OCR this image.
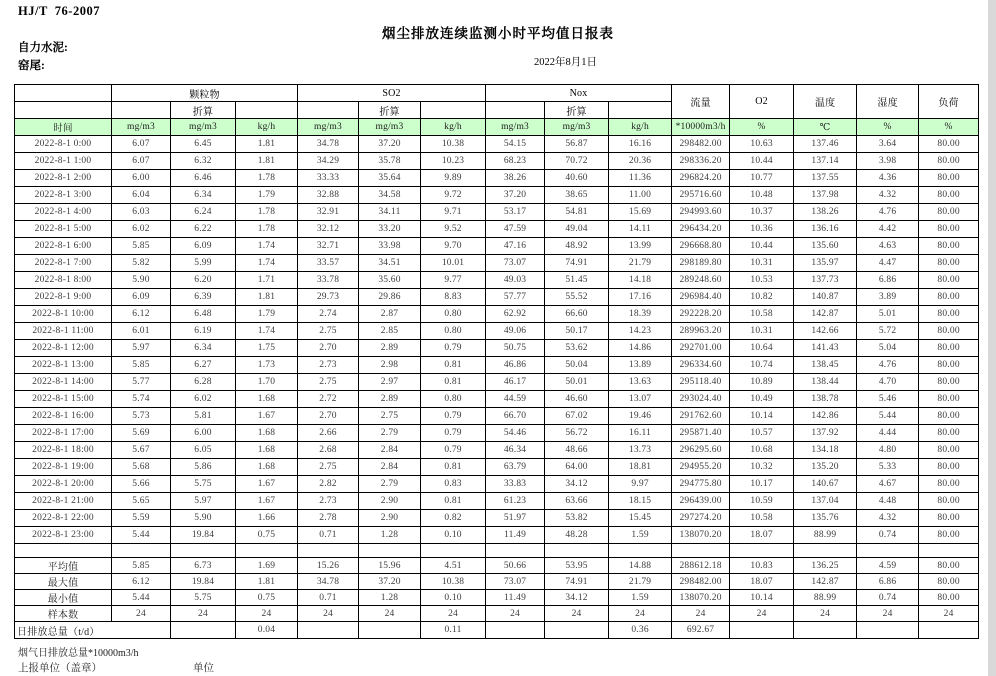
HJ/T  76-2007
烟尘排放连续监测小时平均值日报表
自力水泥:
窑尾:	2022年8月1日
	颗粒物			SO2			Nox			流量	O2	温度	湿度	负荷
		折算			折算			折算						
时间	mg/m3	mg/m3	kg/h	mg/m3	mg/m3	kg/h	mg/m3	mg/m3	kg/h	*10000m3/h	%	℃	%	%
2022-8-1 0:00	6.07	6.45	1.81	34.78	37.20	10.38	54.15	56.87	16.16	298482.00	10.63	137.46	3.64	80.00
2022-8-1 1:00	6.07	6.32	1.81	34.29	35.78	10.23	68.23	70.72	20.36	298336.20	10.44	137.14	3.98	80.00
2022-8-1 2:00	6.00	6.46	1.78	33.33	35.64	9.89	38.26	40.60	11.36	296824.20	10.77	137.55	4.36	80.00
2022-8-1 3:00	6.04	6.34	1.79	32.88	34.58	9.72	37.20	38.65	11.00	295716.60	10.48	137.98	4.32	80.00
2022-8-1 4:00	6.03	6.24	1.78	32.91	34.11	9.71	53.17	54.81	15.69	294993.60	10.37	138.26	4.76	80.00
2022-8-1 5:00	6.02	6.22	1.78	32.12	33.20	9.52	47.59	49.04	14.11	296434.20	10.36	136.16	4.42	80.00
2022-8-1 6:00	5.85	6.09	1.74	32.71	33.98	9.70	47.16	48.92	13.99	296668.80	10.44	135.60	4.63	80.00
2022-8-1 7:00	5.82	5.99	1.74	33.57	34.51	10.01	73.07	74.91	21.79	298189.80	10.31	135.97	4.47	80.00
2022-8-1 8:00	5.90	6.20	1.71	33.78	35.60	9.77	49.03	51.45	14.18	289248.60	10.53	137.73	6.86	80.00
2022-8-1 9:00	6.09	6.39	1.81	29.73	29.86	8.83	57.77	55.52	17.16	296984.40	10.82	140.87	3.89	80.00
2022-8-1 10:00	6.12	6.48	1.79	2.74	2.87	0.80	62.92	66.60	18.39	292228.20	10.58	142.87	5.01	80.00
2022-8-1 11:00	6.01	6.19	1.74	2.75	2.85	0.80	49.06	50.17	14.23	289963.20	10.31	142.66	5.72	80.00
2022-8-1 12:00	5.97	6.34	1.75	2.70	2.89	0.79	50.75	53.62	14.86	292701.00	10.64	141.43	5.04	80.00
2022-8-1 13:00	5.85	6.27	1.73	2.73	2.98	0.81	46.86	50.04	13.89	296334.60	10.74	138.45	4.76	80.00
2022-8-1 14:00	5.77	6.28	1.70	2.75	2.97	0.81	46.17	50.01	13.63	295118.40	10.89	138.44	4.70	80.00
2022-8-1 15:00	5.74	6.02	1.68	2.72	2.89	0.80	44.59	46.60	13.07	293024.40	10.49	138.78	5.46	80.00
2022-8-1 16:00	5.73	5.81	1.67	2.70	2.75	0.79	66.70	67.02	19.46	291762.60	10.14	142.86	5.44	80.00
2022-8-1 17:00	5.69	6.00	1.68	2.66	2.79	0.79	54.46	56.72	16.11	295871.40	10.57	137.92	4.44	80.00
2022-8-1 18:00	5.67	6.05	1.68	2.68	2.84	0.79	46.34	48.66	13.73	296295.60	10.68	134.18	4.80	80.00
2022-8-1 19:00	5.68	5.86	1.68	2.75	2.84	0.81	63.79	64.00	18.81	294955.20	10.32	135.20	5.33	80.00
2022-8-1 20:00	5.66	5.75	1.67	2.82	2.79	0.83	33.83	34.12	9.97	294775.80	10.17	140.67	4.67	80.00
2022-8-1 21:00	5.65	5.97	1.67	2.73	2.90	0.81	61.23	63.66	18.15	296439.00	10.59	137.04	4.48	80.00
2022-8-1 22:00	5.59	5.90	1.66	2.78	2.90	0.82	51.97	53.82	15.45	297274.20	10.58	135.76	4.32	80.00
2022-8-1 23:00	5.44	19.84	0.75	0.71	1.28	0.10	11.49	48.28	1.59	138070.20	18.07	88.99	0.74	80.00

平均值	5.85	6.73	1.69	15.26	15.96	4.51	50.66	53.95	14.88	288612.18	10.83	136.25	4.59	80.00
最大值	6.12	19.84	1.81	34.78	37.20	10.38	73.07	74.91	21.79	298482.00	18.07	142.87	6.86	80.00
最小值	5.44	5.75	0.75	0.71	1.28	0.10	11.49	34.12	1.59	138070.20	10.14	88.99	0.74	80.00
样本数	24	24	24	24	24	24	24	24	24	24	24	24	24	24
日排放总量（t/d）			0.04			0.11			0.36	692.67				
烟气日排放总量*10000m3/h
上报单位（盖章）	单位
